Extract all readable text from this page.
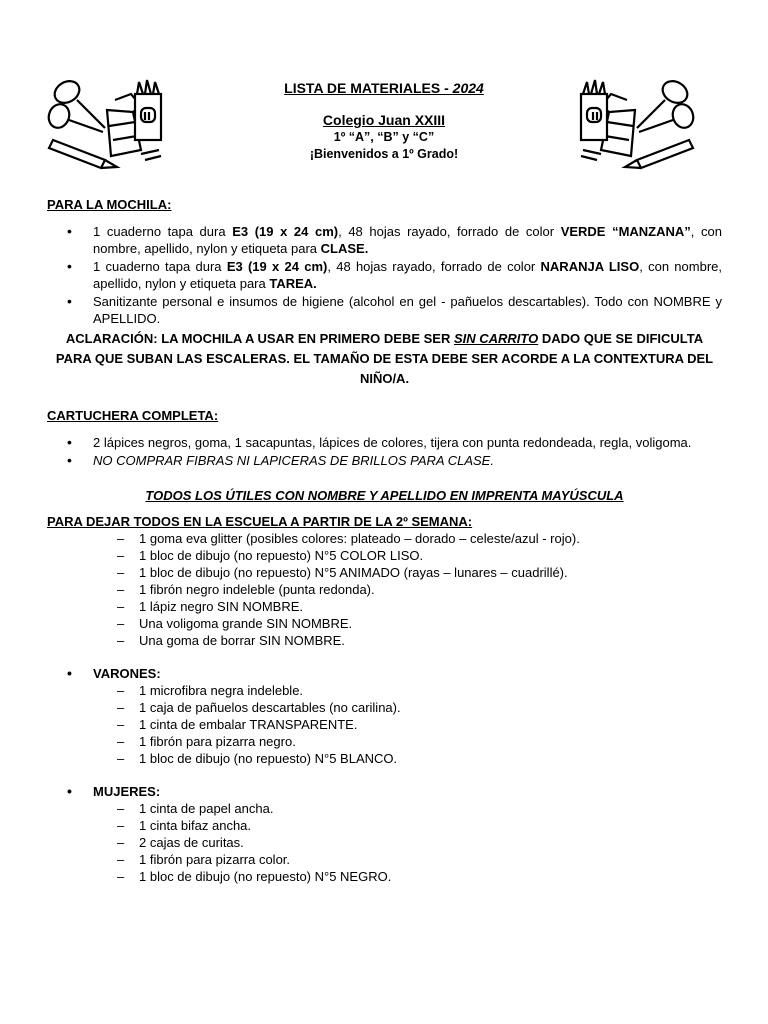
LISTA DE MATERIALES - 2024
Colegio Juan XXIII
1º “A”, “B” y “C”
¡Bienvenidos a 1º Grado!
PARA LA MOCHILA:
• 1 cuaderno tapa dura E3 (19 x 24 cm), 48 hojas rayado, forrado de color VERDE “MANZANA”, con nombre, apellido, nylon y etiqueta para CLASE.
• 1 cuaderno tapa dura E3 (19 x 24 cm), 48 hojas rayado, forrado de color NARANJA LISO, con nombre, apellido, nylon y etiqueta para TAREA.
• Sanitizante personal e insumos de higiene (alcohol en gel - pañuelos descartables). Todo con NOMBRE y APELLIDO.
ACLARACIÓN: LA MOCHILA A USAR EN PRIMERO DEBE SER SIN CARRITO DADO QUE SE DIFICULTA PARA QUE SUBAN LAS ESCALERAS. EL TAMAÑO DE ESTA DEBE SER ACORDE A LA CONTEXTURA DEL NIÑO/A.
CARTUCHERA COMPLETA:
• 2 lápices negros, goma, 1 sacapuntas, lápices de colores, tijera con punta redondeada, regla, voligoma.
• NO COMPRAR FIBRAS NI LAPICERAS DE BRILLOS PARA CLASE.
TODOS LOS ÚTILES CON NOMBRE Y APELLIDO EN IMPRENTA MAYÚSCULA
PARA DEJAR TODOS EN LA ESCUELA A PARTIR DE LA 2º SEMANA:
– 1 goma eva glitter (posibles colores: plateado – dorado – celeste/azul - rojo).
– 1 bloc de dibujo (no repuesto) N°5 COLOR LISO.
– 1 bloc de dibujo (no repuesto) N°5 ANIMADO (rayas – lunares – cuadrillé).
– 1 fibrón negro indeleble (punta redonda).
– 1 lápiz negro SIN NOMBRE.
– Una voligoma grande SIN NOMBRE.
– Una goma de borrar SIN NOMBRE.
• VARONES:
– 1 microfibra negra indeleble.
– 1 caja de pañuelos descartables (no carilina).
– 1 cinta de embalar TRANSPARENTE.
– 1 fibrón para pizarra negro.
– 1 bloc de dibujo (no repuesto) N°5 BLANCO.
• MUJERES:
– 1 cinta de papel ancha.
– 1 cinta bifaz ancha.
– 2 cajas de curitas.
– 1 fibrón para pizarra color.
– 1 bloc de dibujo (no repuesto) N°5 NEGRO.
